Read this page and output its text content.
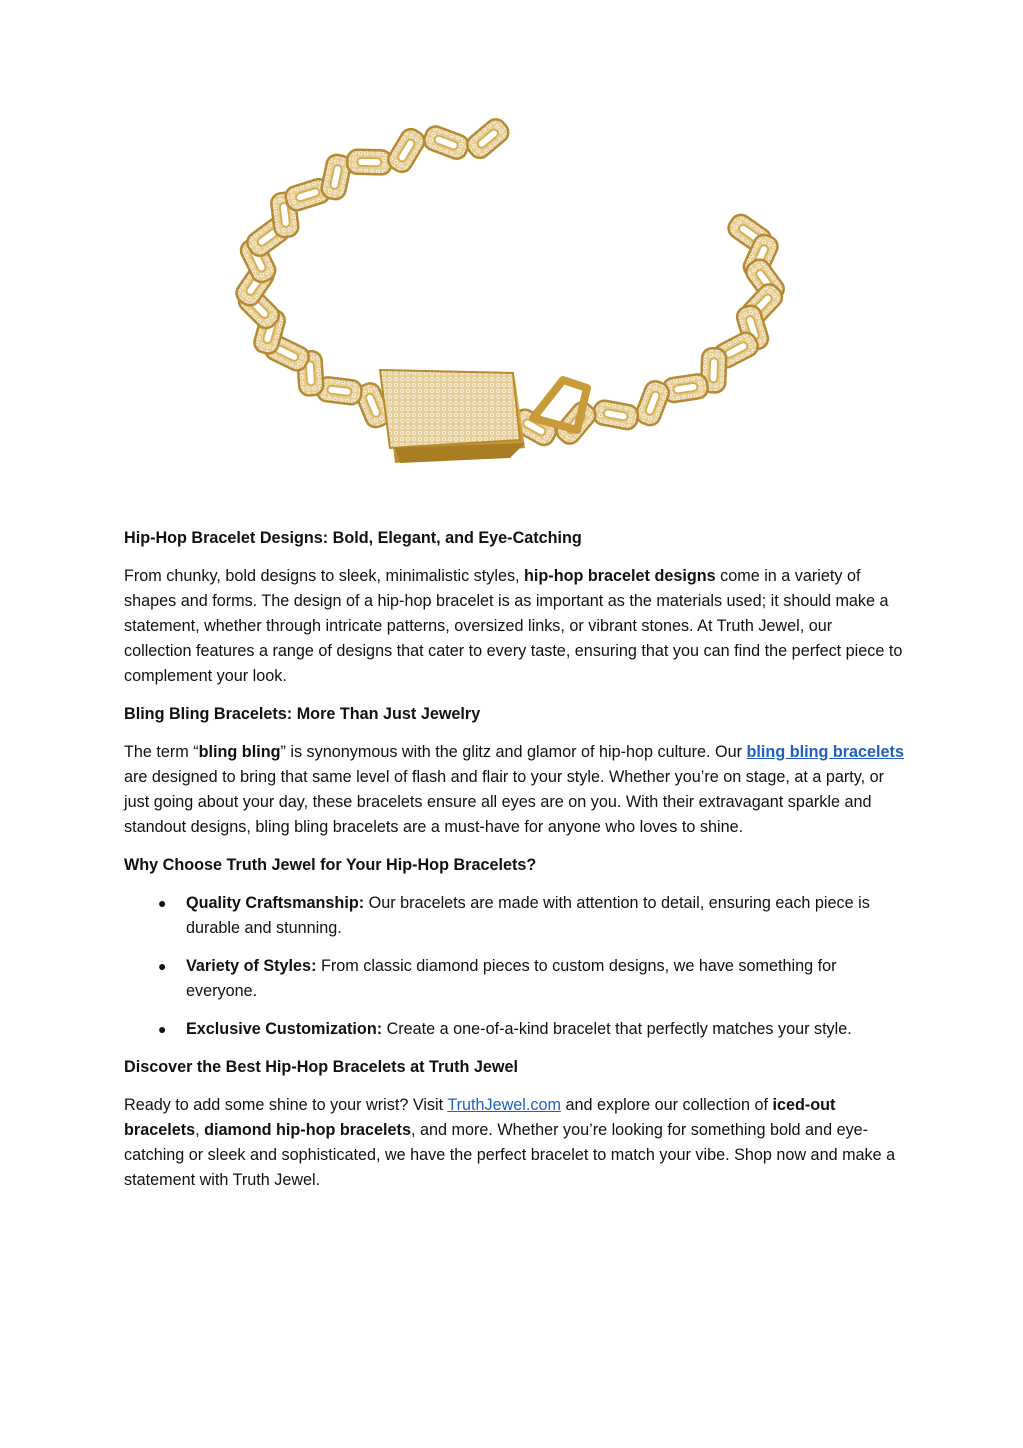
Hip-Hop Bracelet Designs: Bold, Elegant, and Eye-Catching

From chunky, bold designs to sleek, minimalistic styles, hip-hop bracelet designs come in a variety of shapes and forms. The design of a hip-hop bracelet is as important as the materials used; it should make a statement, whether through intricate patterns, oversized links, or vibrant stones. At Truth Jewel, our collection features a range of designs that cater to every taste, ensuring that you can find the perfect piece to complement your look.

Bling Bling Bracelets: More Than Just Jewelry

The term “bling bling” is synonymous with the glitz and glamor of hip-hop culture. Our bling bling bracelets are designed to bring that same level of flash and flair to your style. Whether you’re on stage, at a party, or just going about your day, these bracelets ensure all eyes are on you. With their extravagant sparkle and standout designs, bling bling bracelets are a must-have for anyone who loves to shine.

Why Choose Truth Jewel for Your Hip-Hop Bracelets?
● Quality Craftsmanship: Our bracelets are made with attention to detail, ensuring each piece is durable and stunning.
● Variety of Styles: From classic diamond pieces to custom designs, we have something for everyone.
● Exclusive Customization: Create a one-of-a-kind bracelet that perfectly matches your style.
Discover the Best Hip-Hop Bracelets at Truth Jewel

Ready to add some shine to your wrist? Visit TruthJewel.com and explore our collection of iced-out bracelets, diamond hip-hop bracelets, and more. Whether you’re looking for something bold and eye-catching or sleek and sophisticated, we have the perfect bracelet to match your vibe. Shop now and make a statement with Truth Jewel.
